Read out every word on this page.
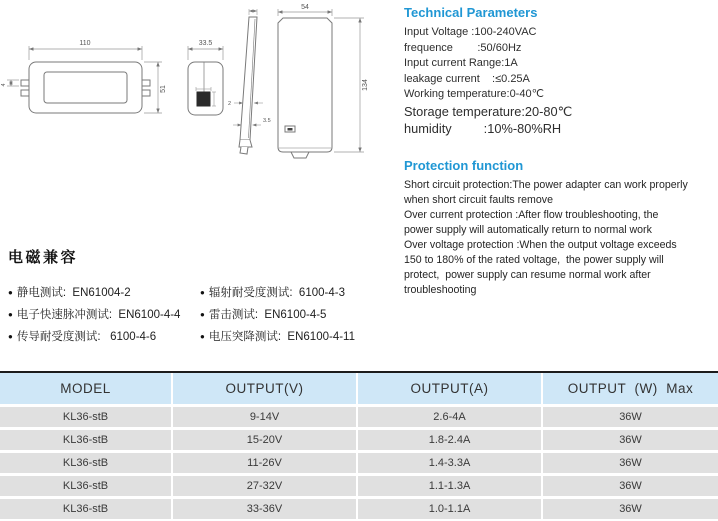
110
51
4
33.5
2
3.5
54
134
Technical Parameters
Input Voltage :100-240VAC
frequence        :50/60Hz
Input current Range:1A
leakage current    :≤0.25A
Working temperature:0-40℃
Storage temperature:20-80℃
humidity         :10%-80%RH
Protection function
Short circuit protection:The power adapter can work properly
when short circuit faults remove
Over current protection :After flow troubleshooting, the
power supply will automatically return to normal work
Over voltage protection :When the output voltage exceeds
150 to 180% of the rated voltage,  the power supply will
protect,  power supply can resume normal work after
troubleshooting
电磁兼容
● 静电测试:  EN61004-2
● 电子快速脉冲测试:  EN6100-4-4
● 传导耐受度测试:   6100-4-6
● 辐射耐受度测试:  6100-4-3
● 雷击测试:  EN6100-4-5
● 电压突降测试:  EN6100-4-11
MODEL	OUTPUT(V)	OUTPUT(A)	OUTPUT  (W)  Max
KL36-stB	9-14V	2.6-4A	36W
KL36-stB	15-20V	1.8-2.4A	36W
KL36-stB	11-26V	1.4-3.3A	36W
KL36-stB	27-32V	1.1-1.3A	36W
KL36-stB	33-36V	1.0-1.1A	36W
